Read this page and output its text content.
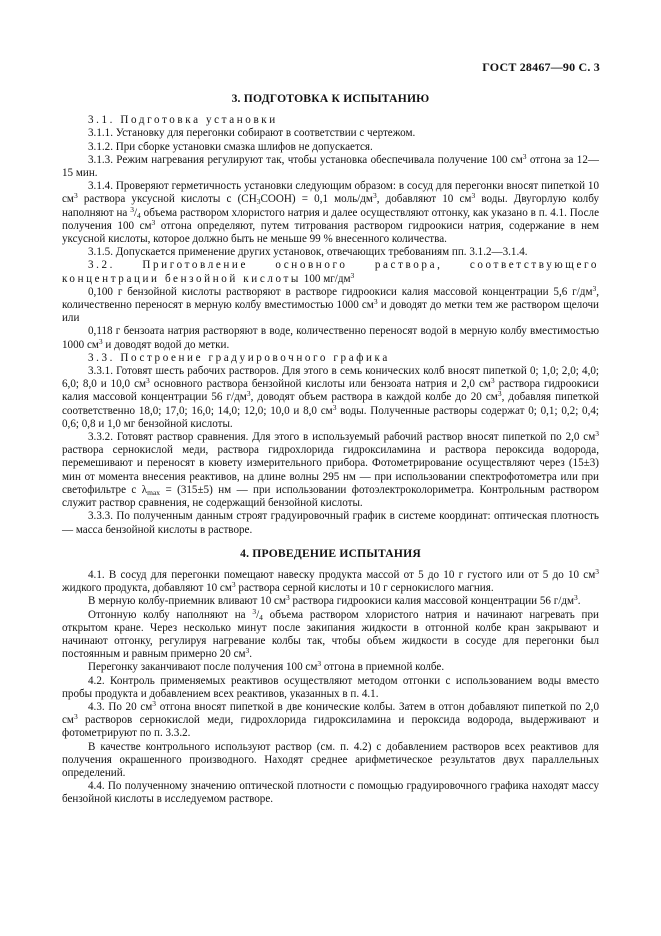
ГОСТ 28467—90 С. 3
3. ПОДГОТОВКА К ИСПЫТАНИЮ

3.1. Подготовка установки

3.1.1. Установку для перегонки собирают в соответствии с чертежом.

3.1.2. При сборке установки смазка шлифов не допускается.

3.1.3. Режим нагревания регулируют так, чтобы установка обеспечивала получение 100 $см^3$ отгона за 12—15 мин.

3.1.4. Проверяют герметичность установки следующим образом: в сосуд для перегонки вносят пипеткой 10 $см^3$ раствора уксусной кислоты с $(CH_3COOH) = 0,1$ моль/$дм^3$, добавляют 10 $см^3$ воды. Двугорлую колбу наполняют на $^3/_4$ объема раствором хлористого натрия и далее осуществляют отгонку, как указано в п. 4.1. После получения 100 $см^3$ отгона определяют, путем титрования раствором гидроокиси натрия, содержание в нем уксусной кислоты, которое должно быть не меньше 99 % внесенного количества.

3.1.5. Допускается применение других установок, отвечающих требованиям пп. 3.1.2—3.1.4.

3.2. Приготовление основного раствора, соответствующего концентрации бензойной кислоты 100 $мг/дм^3$

0,100 г бензойной кислоты растворяют в растворе гидроокиси калия массовой концентрации 5,6 $г/дм^3$, количественно переносят в мерную колбу вместимостью 1000 $см^3$ и доводят до метки тем же раствором щелочи или

0,118 г бензоата натрия растворяют в воде, количественно переносят водой в мерную колбу вместимостью 1000 $см^3$ и доводят водой до метки.

3.3. Построение градуировочного графика

3.3.1. Готовят шесть рабочих растворов. Для этого в семь конических колб вносят пипеткой 0; 1,0; 2,0; 4,0; 6,0; 8,0 и 10,0 $см^3$ основного раствора бензойной кислоты или бензоата натрия и 2,0 $см^3$ раствора гидроокиси калия массовой концентрации 56 $г/дм^3$, доводят объем раствора в каждой колбе до 20 $см^3$, добавляя пипеткой соответственно 18,0; 17,0; 16,0; 14,0; 12,0; 10,0 и 8,0 $см^3$ воды. Полученные растворы содержат 0; 0,1; 0,2; 0,4; 0,6; 0,8 и 1,0 мг бензойной кислоты.

3.3.2. Готовят раствор сравнения. Для этого в используемый рабочий раствор вносят пипеткой по 2,0 $см^3$ раствора сернокислой меди, раствора гидрохлорида гидроксиламина и раствора пероксида водорода, перемешивают и переносят в кювету измерительного прибора. Фотометрирование осуществляют через (15±3) мин от момента внесения реактивов, на длине волны 295 нм — при использовании спектрофотометра или при светофильтре с $\lambda_{max} = (315\pm 5)$ нм — при использовании фотоэлектроколориметра. Контрольным раствором служит раствор сравнения, не содержащий бензойной кислоты.

3.3.3. По полученным данным строят градуировочный график в системе координат: оптическая плотность — масса бензойной кислоты в растворе.

4. ПРОВЕДЕНИЕ ИСПЫТАНИЯ

4.1. В сосуд для перегонки помещают навеску продукта массой от 5 до 10 г густого или от 5 до 10 $см^3$ жидкого продукта, добавляют 10 $см^3$ раствора серной кислоты и 10 г сернокислого магния.

В мерную колбу-приемник вливают 10 $см^3$ раствора гидроокиси калия массовой концентрации 56 $г/дм^3$.

Отгонную колбу наполняют на $^3/_4$ объема раствором хлористого натрия и начинают нагревать при открытом кране. Через несколько минут после закипания жидкости в отгонной колбе кран закрывают и начинают отгонку, регулируя нагревание колбы так, чтобы объем жидкости в сосуде для перегонки был постоянным и равным примерно 20 $см^3$.

Перегонку заканчивают после получения 100 $см^3$ отгона в приемной колбе.

4.2. Контроль применяемых реактивов осуществляют методом отгонки с использованием воды вместо пробы продукта и добавлением всех реактивов, указанных в п. 4.1.

4.3. По 20 $см^3$ отгона вносят пипеткой в две конические колбы. Затем в отгон добавляют пипеткой по 2,0 $см^3$ растворов сернокислой меди, гидрохлорида гидроксиламина и пероксида водорода, выдерживают и фотометрируют по п. 3.3.2.

В качестве контрольного используют раствор (см. п. 4.2) с добавлением растворов всех реактивов для получения окрашенного производного. Находят среднее арифметическое результатов двух параллельных определений.

4.4. По полученному значению оптической плотности с помощью градуировочного графика находят массу бензойной кислоты в исследуемом растворе.
